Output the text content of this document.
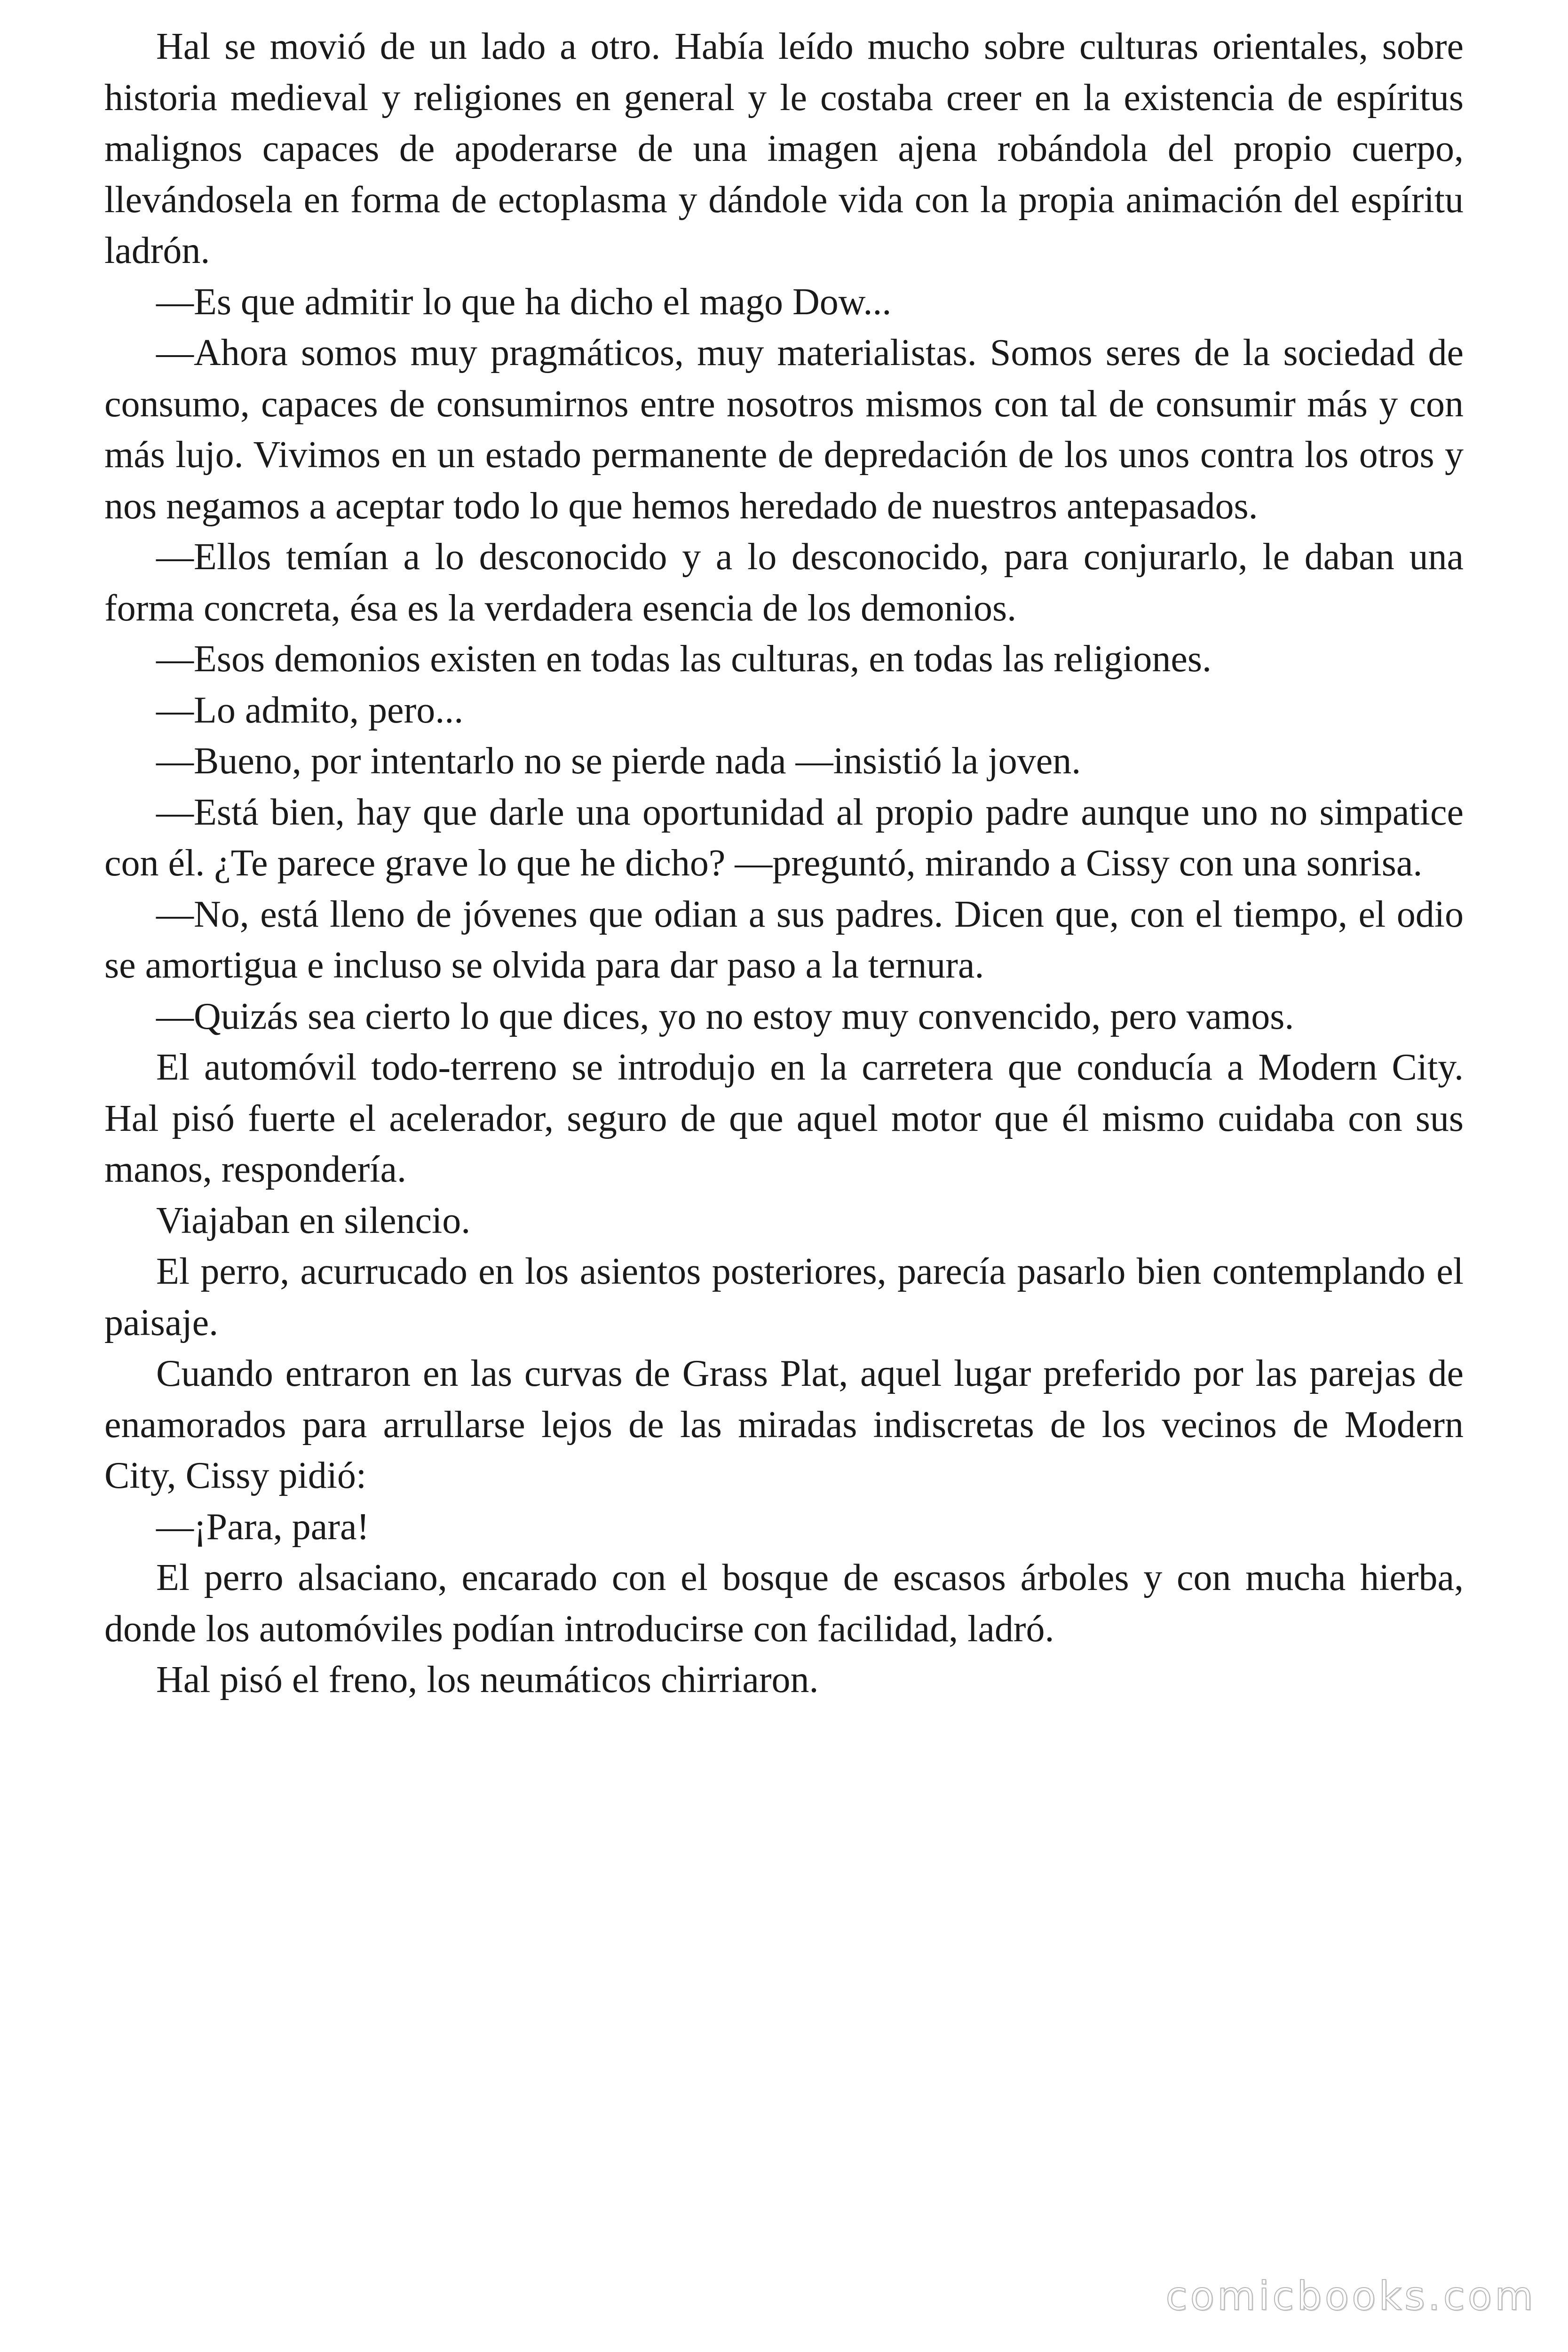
Hal se movió de un lado a otro. Había leído mucho sobre culturas orientales, sobre historia medieval y religiones en general y le costaba creer en la existencia de espíritus malignos capaces de apoderarse de una imagen ajena robándola del propio cuerpo, llevándosela en forma de ectoplasma y dándole vida con la propia animación del espíritu ladrón.

—Es que admitir lo que ha dicho el mago Dow...

—Ahora somos muy pragmáticos, muy materialistas. Somos seres de la sociedad de consumo, capaces de consumirnos entre nosotros mismos con tal de consumir más y con más lujo. Vivimos en un estado permanente de depredación de los unos contra los otros y nos negamos a aceptar todo lo que hemos heredado de nuestros antepasados.

—Ellos temían a lo desconocido y a lo desconocido, para conjurarlo, le daban una forma concreta, ésa es la verdadera esencia de los demonios.

—Esos demonios existen en todas las culturas, en todas las religiones.

—Lo admito, pero...

—Bueno, por intentarlo no se pierde nada —insistió la joven.

—Está bien, hay que darle una oportunidad al propio padre aunque uno no simpatice con él. ¿Te parece grave lo que he dicho? —preguntó, mirando a Cissy con una sonrisa.

—No, está lleno de jóvenes que odian a sus padres. Dicen que, con el tiempo, el odio se amortigua e incluso se olvida para dar paso a la ternura.

—Quizás sea cierto lo que dices, yo no estoy muy convencido, pero vamos.

El automóvil todo-terreno se introdujo en la carretera que conducía a Modern City. Hal pisó fuerte el acelerador, seguro de que aquel motor que él mismo cuidaba con sus manos, respondería.

Viajaban en silencio.

El perro, acurrucado en los asientos posteriores, parecía pasarlo bien contemplando el paisaje.

Cuando entraron en las curvas de Grass Plat, aquel lugar preferido por las parejas de enamorados para arrullarse lejos de las miradas indiscretas de los vecinos de Modern City, Cissy pidió:

—¡Para, para!

El perro alsaciano, encarado con el bosque de escasos árboles y con mucha hierba, donde los automóviles podían introducirse con facilidad, ladró.

Hal pisó el freno, los neumáticos chirriaron.

comicbooks.com
